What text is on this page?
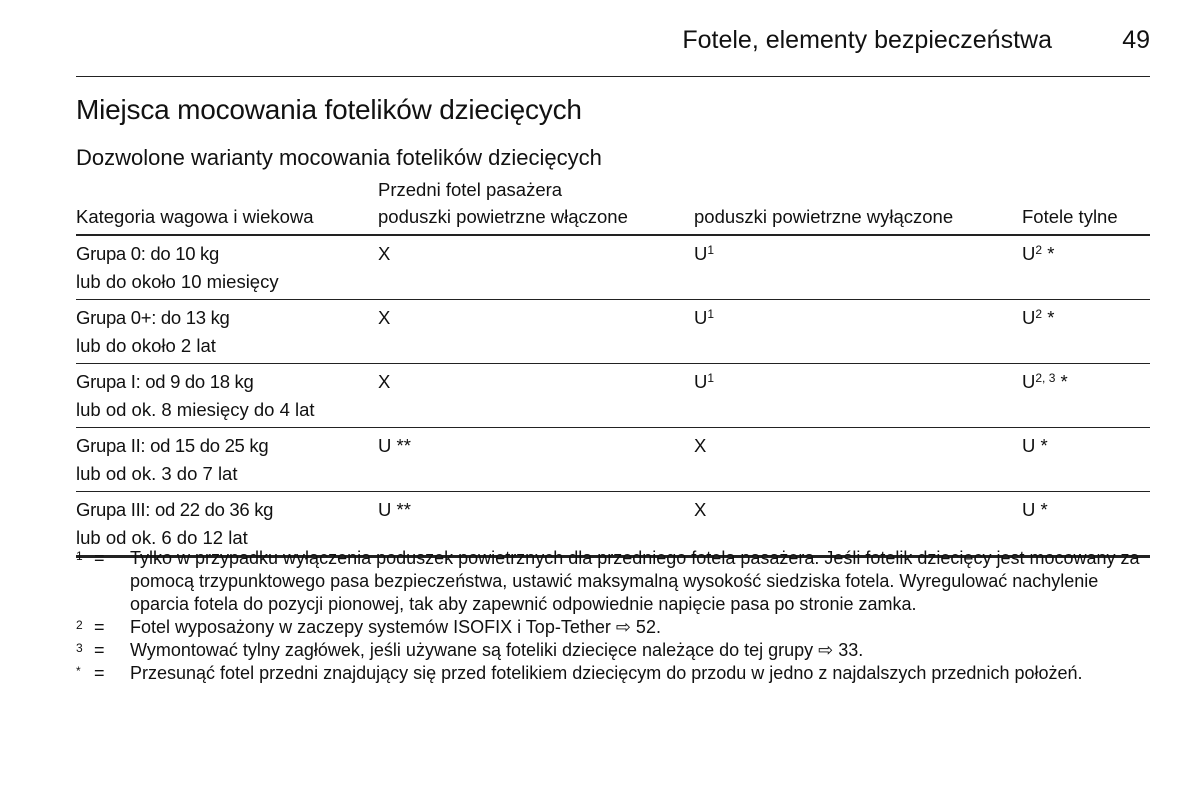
Fotele, elementy bezpieczeństwa	49
Miejsca mocowania fotelików dziecięcych
Dozwolone warianty mocowania fotelików dziecięcych
Kategoria wagowa i wiekowa	Przedni fotel pasażera
poduszki powietrzne włączone	poduszki powietrzne wyłączone	Fotele tylne

Grupa 0: do 10 kg
lub do około 10 miesięcy	X	$U^1$	$U^2$ *

Grupa 0+: do 13 kg
lub do około 2 lat	X	$U^1$	$U^2$ *

Grupa I: od 9 do 18 kg
lub od ok. 8 miesięcy do 4 lat	X	$U^1$	U$^{2, 3}$ *

Grupa II: od 15 do 25 kg
lub od ok. 3 do 7 lat	U **	X	U *

Grupa III: od 22 do 36 kg
lub od ok. 6 do 12 lat	U **	X	U *
1 =	Tylko w przypadku wyłączenia poduszek powietrznych dla przedniego fotela pasażera. Jeśli fotelik dziecięcy jest mocowany za pomocą trzypunktowego pasa bezpieczeństwa, ustawić maksymalną wysokość siedziska fotela. Wyregulować nachylenie oparcia fotela do pozycji pionowej, tak aby zapewnić odpowiednie napięcie pasa po stronie zamka.
2 =	Fotel wyposażony w zaczepy systemów ISOFIX i Top-Tether ⇨ 52.
3 =	Wymontować tylny zagłówek, jeśli używane są foteliki dziecięce należące do tej grupy ⇨ 33.
* =	Przesunąć fotel przedni znajdujący się przed fotelikiem dziecięcym do przodu w jedno z najdalszych przednich położeń.
